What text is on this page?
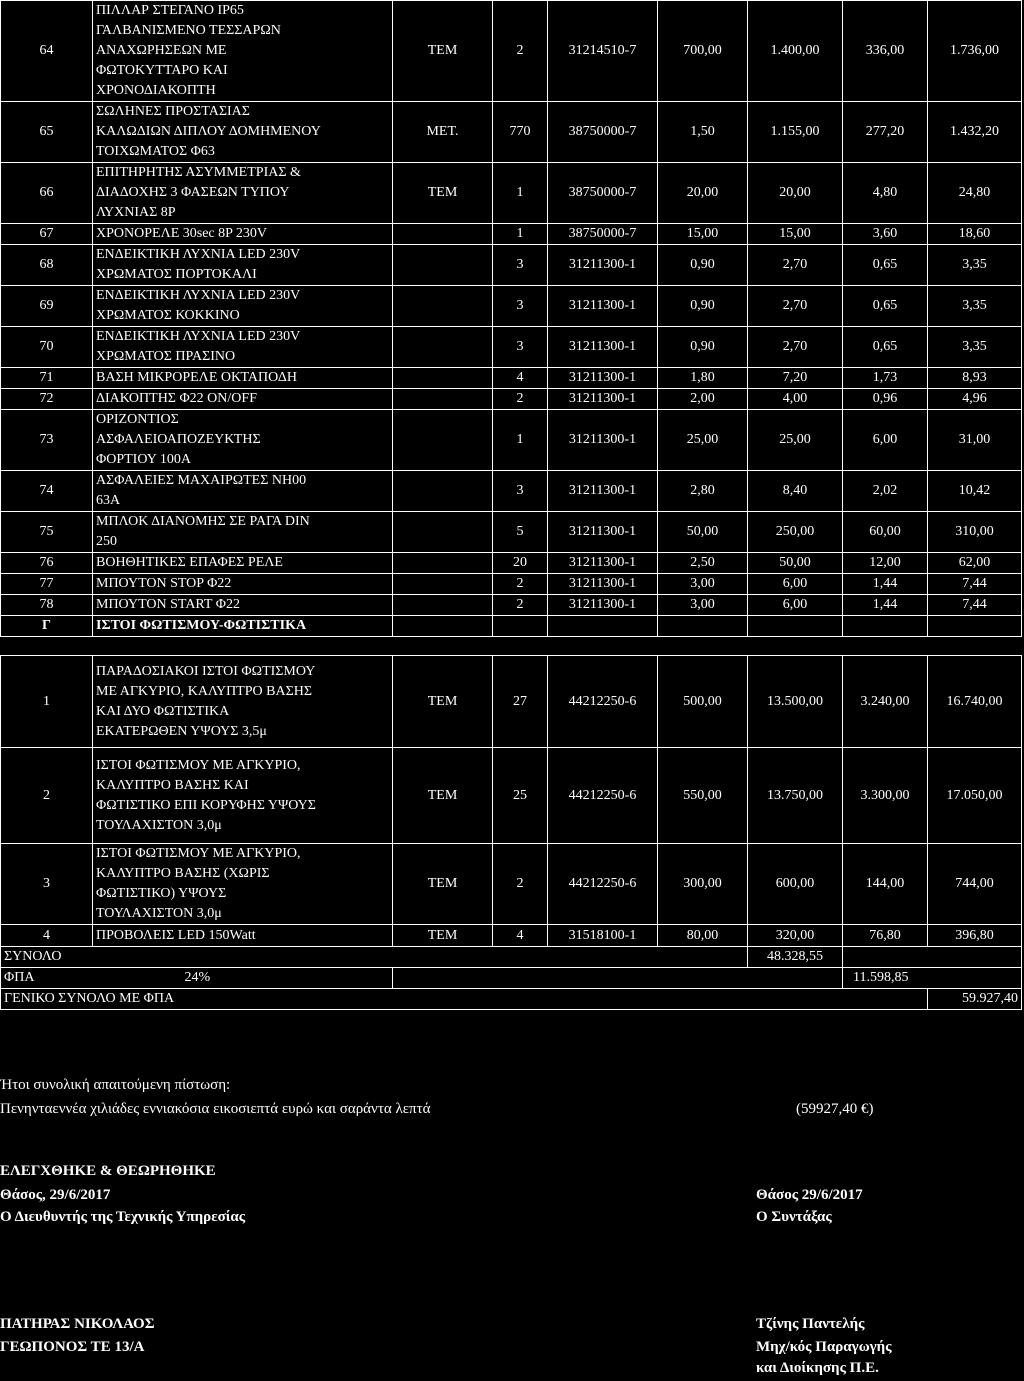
64	ΠΙΛΛΑΡ ΣΤΕΓΑΝΟ IP65
ΓΑΛΒΑΝΙΣΜΕΝΟ ΤΕΣΣΑΡΩΝ
ΑΝΑΧΩΡΗΣΕΩΝ ΜΕ
ΦΩΤΟΚΥΤΤΑΡΟ ΚΑΙ
ΧΡΟΝΟΔΙΑΚΟΠΤΗ	ΤΕΜ	2	31214510-7	700,00	1.400,00	336,00	1.736,00
65	ΣΩΛΗΝΕΣ ΠΡΟΣΤΑΣΙΑΣ
ΚΑΛΩΔΙΩΝ ΔΙΠΛΟΥ ΔΟΜΗΜΕΝΟΥ
ΤΟΙΧΩΜΑΤΟΣ Φ63	ΜΕΤ.	770	38750000-7	1,50	1.155,00	277,20	1.432,20
66	ΕΠΙΤΗΡΗΤΗΣ ΑΣΥΜΜΕΤΡΙΑΣ &
ΔΙΑΔΟΧΗΣ 3 ΦΑΣΕΩΝ ΤΥΠΟΥ
ΛΥΧΝΙΑΣ 8Ρ	ΤΕΜ	1	38750000-7	20,00	20,00	4,80	24,80
67	ΧΡΟΝΟΡΕΛΕ 30sec 8P 230V		1	38750000-7	15,00	15,00	3,60	18,60
68	ΕΝΔΕΙΚΤΙΚΗ ΛΥΧΝΙΑ LED 230V
ΧΡΩΜΑΤΟΣ ΠΟΡΤΟΚΑΛΙ		3	31211300-1	0,90	2,70	0,65	3,35
69	ΕΝΔΕΙΚΤΙΚΗ ΛΥΧΝΙΑ LED 230V
ΧΡΩΜΑΤΟΣ ΚΟΚΚΙΝΟ		3	31211300-1	0,90	2,70	0,65	3,35
70	ΕΝΔΕΙΚΤΙΚΗ ΛΥΧΝΙΑ LED 230V
ΧΡΩΜΑΤΟΣ ΠΡΑΣΙΝΟ		3	31211300-1	0,90	2,70	0,65	3,35
71	ΒΑΣΗ ΜΙΚΡΟΡΕΛΕ ΟΚΤΑΠΟΔΗ		4	31211300-1	1,80	7,20	1,73	8,93
72	ΔΙΑΚΟΠΤΗΣ Φ22 ON/OFF		2	31211300-1	2,00	4,00	0,96	4,96
73	ΟΡΙΖΟΝΤΙΟΣ
ΑΣΦΑΛΕΙΟΑΠΟΖΕΥΚΤΗΣ
ΦΟΡΤΙΟΥ 100Α		1	31211300-1	25,00	25,00	6,00	31,00
74	ΑΣΦΑΛΕΙΕΣ ΜΑΧΑΙΡΩΤΕΣ ΝΗ00
63Α		3	31211300-1	2,80	8,40	2,02	10,42
75	ΜΠΛΟΚ ΔΙΑΝΟΜΗΣ ΣΕ ΡΑΓΑ DIN
250		5	31211300-1	50,00	250,00	60,00	310,00
76	ΒΟΗΘΗΤΙΚΕΣ ΕΠΑΦΕΣ ΡΕΛΕ		20	31211300-1	2,50	50,00	12,00	62,00
77	ΜΠΟΥΤΟΝ STOP Φ22		2	31211300-1	3,00	6,00	1,44	7,44
78	ΜΠΟΥΤΟΝ START Φ22		2	31211300-1	3,00	6,00	1,44	7,44
Γ	ΙΣΤΟΙ ΦΩΤΙΣΜΟΥ-ΦΩΤΙΣΤΙΚΑ							

1	ΠΑΡΑΔΟΣΙΑΚΟΙ ΙΣΤΟΙ ΦΩΤΙΣΜΟΥ
ΜΕ ΑΓΚΥΡΙΟ, ΚΑΛΥΠΤΡΟ ΒΑΣΗΣ
ΚΑΙ ΔΥΟ ΦΩΤΙΣΤΙΚΑ
ΕΚΑΤΕΡΩΘΕΝ ΥΨΟΥΣ 3,5μ	ΤΕΜ	27	44212250-6	500,00	13.500,00	3.240,00	16.740,00
2	ΙΣΤΟΙ ΦΩΤΙΣΜΟΥ ΜΕ ΑΓΚΥΡΙΟ,
ΚΑΛΥΠΤΡΟ ΒΑΣΗΣ ΚΑΙ
ΦΩΤΙΣΤΙΚΟ ΕΠΙ ΚΟΡΥΦΗΣ ΥΨΟΥΣ
ΤΟΥΛΑΧΙΣΤΟΝ 3,0μ	ΤΕΜ	25	44212250-6	550,00	13.750,00	3.300,00	17.050,00
3	ΙΣΤΟΙ ΦΩΤΙΣΜΟΥ ΜΕ ΑΓΚΥΡΙΟ,
ΚΑΛΥΠΤΡΟ ΒΑΣΗΣ (ΧΩΡΙΣ
ΦΩΤΙΣΤΙΚΟ) ΥΨΟΥΣ
ΤΟΥΛΑΧΙΣΤΟΝ 3,0μ	ΤΕΜ	2	44212250-6	300,00	600,00	144,00	744,00
4	ΠΡΟΒΟΛΕΙΣ LED 150Watt	ΤΕΜ	4	31518100-1	80,00	320,00	76,80	396,80
ΣΥΝΟΛΟ						48.328,55		
ΦΠΑ 24%							11.598,85	
ΓΕΝΙΚΟ ΣΥΝΟΛΟ ΜΕ ΦΠΑ								59.927,40
Ήτοι συνολική απαιτούμενη πίστωση:
Πενηνταεννέα χιλιάδες εννιακόσια εικοσιεπτά ευρώ και σαράντα λεπτά	(59927,40 €)
ΕΛΕΓΧΘΗΚΕ & ΘΕΩΡΗΘΗΚΕ
Θάσος, 29/6/2017
Ο Διευθυντής της Τεχνικής Υπηρεσίας
Θάσος 29/6/2017
Ο Συντάξας
ΠΑΤΗΡΑΣ ΝΙΚΟΛΑΟΣ
ΓΕΩΠΟΝΟΣ ΤΕ 13/Α
Τζίνης Παντελής
Μηχ/κός Παραγωγής
και Διοίκησης Π.Ε.
